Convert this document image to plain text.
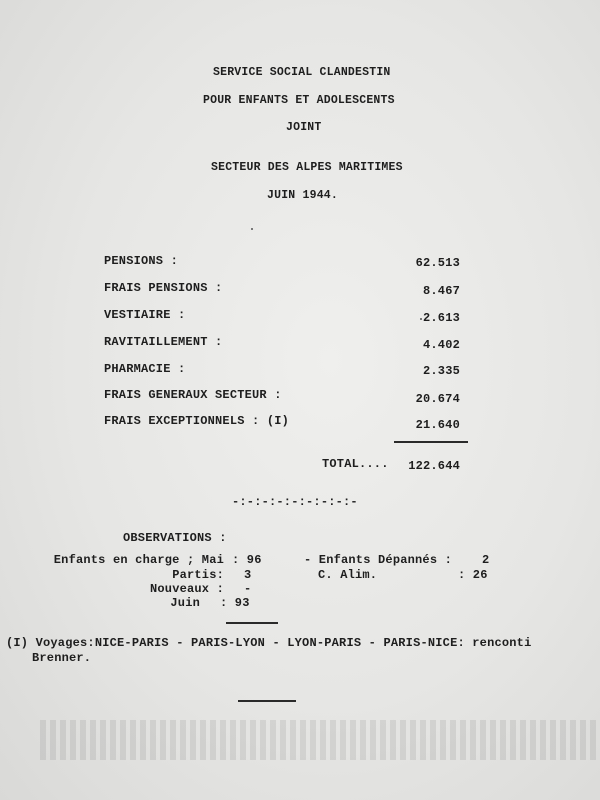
SERVICE SOCIAL CLANDESTIN
POUR ENFANTS ET ADOLESCENTS
JOINT
SECTEUR DES ALPES MARITIMES
JUIN 1944.
PENSIONS :	62.513
FRAIS PENSIONS :	8.467
VESTIAIRE :	2.613
RAVITAILLEMENT :	4.402
PHARMACIE :	2.335
FRAIS GENERAUX SECTEUR :	20.674
FRAIS EXCEPTIONNELS : (I)	21.640
TOTAL....	122.644
-:-:-:-:-:-:-:-:-
OBSERVATIONS :
Enfants en charge ; Mai : 96
Partis: 3
Nouveaux : -
Juin : 93
- Enfants Dépannés : 2
C. Alim.	: 26
(I) Voyages:NICE-PARIS - PARIS-LYON - LYON-PARIS - PARIS-NICE: renconti
Brenner.
